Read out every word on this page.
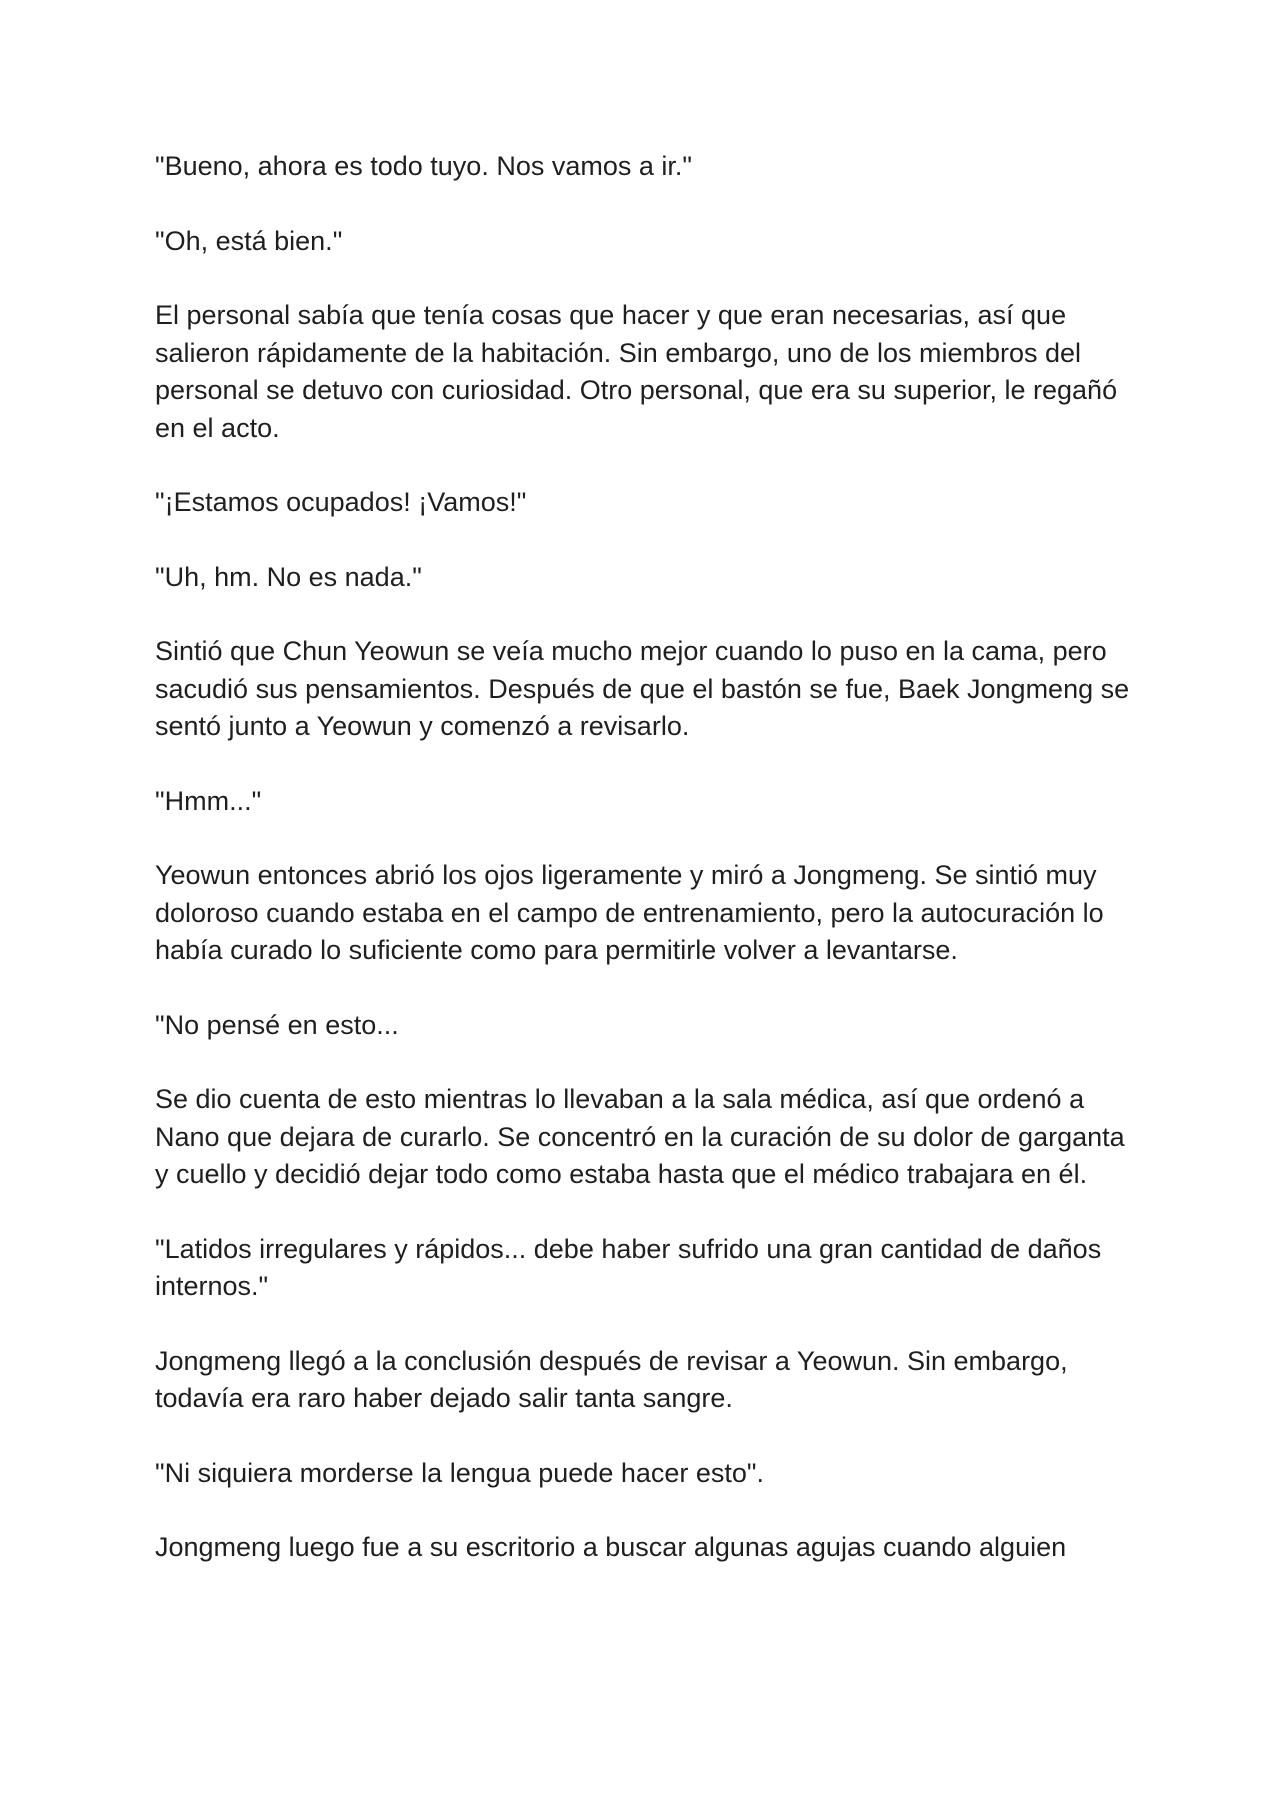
"Bueno, ahora es todo tuyo. Nos vamos a ir."

"Oh, está bien."

El personal sabía que tenía cosas que hacer y que eran necesarias, así que salieron rápidamente de la habitación. Sin embargo, uno de los miembros del personal se detuvo con curiosidad. Otro personal, que era su superior, le regañó en el acto.

"¡Estamos ocupados! ¡Vamos!"

"Uh, hm. No es nada."

Sintió que Chun Yeowun se veía mucho mejor cuando lo puso en la cama, pero sacudió sus pensamientos. Después de que el bastón se fue, Baek Jongmeng se sentó junto a Yeowun y comenzó a revisarlo.

"Hmm..."

Yeowun entonces abrió los ojos ligeramente y miró a Jongmeng. Se sintió muy doloroso cuando estaba en el campo de entrenamiento, pero la autocuración lo había curado lo suficiente como para permitirle volver a levantarse.

"No pensé en esto...

Se dio cuenta de esto mientras lo llevaban a la sala médica, así que ordenó a Nano que dejara de curarlo. Se concentró en la curación de su dolor de garganta y cuello y decidió dejar todo como estaba hasta que el médico trabajara en él.

"Latidos irregulares y rápidos... debe haber sufrido una gran cantidad de daños internos."

Jongmeng llegó a la conclusión después de revisar a Yeowun. Sin embargo, todavía era raro haber dejado salir tanta sangre.

"Ni siquiera morderse la lengua puede hacer esto".

Jongmeng luego fue a su escritorio a buscar algunas agujas cuando alguien
